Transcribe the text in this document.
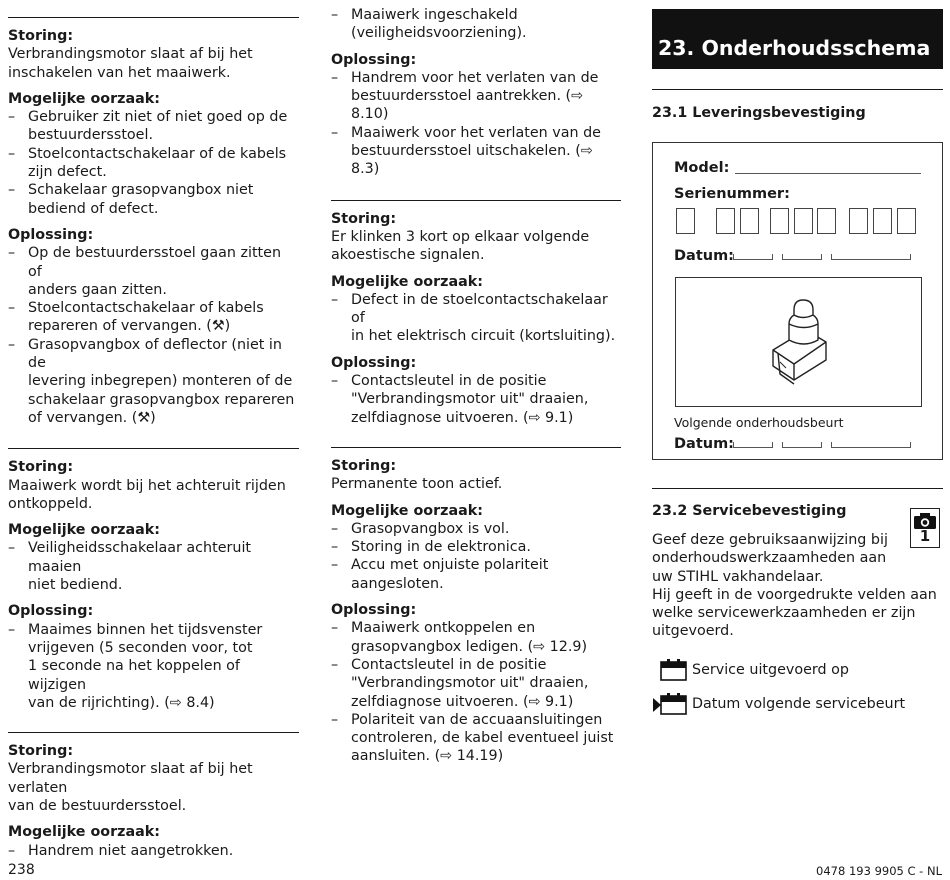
Storing:
Verbrandingsmotor slaat af bij het
inschakelen van het maaiwerk.
Mogelijke oorzaak:
– Gebruiker zit niet of niet goed op de
bestuurdersstoel.
– Stoelcontactschakelaar of de kabels
zijn defect.
– Schakelaar grasopvangbox niet
bediend of defect.
Oplossing:
– Op de bestuurdersstoel gaan zitten of
anders gaan zitten.
– Stoelcontactschakelaar of kabels
repareren of vervangen. (⚒)
– Grasopvangbox of deflector (niet in de
levering inbegrepen) monteren of de
schakelaar grasopvangbox repareren
of vervangen. (⚒)
Storing:
Maaiwerk wordt bij het achteruit rijden
ontkoppeld.
Mogelijke oorzaak:
– Veiligheidsschakelaar achteruit maaien
niet bediend.
Oplossing:
– Maaimes binnen het tijdsvenster
vrijgeven (5 seconden voor, tot
1 seconde na het koppelen of wijzigen
van de rijrichting). (⇨ 8.4)
Storing:
Verbrandingsmotor slaat af bij het verlaten
van de bestuurdersstoel.
Mogelijke oorzaak:
– Handrem niet aangetrokken.
– Maaiwerk ingeschakeld
(veiligheidsvoorziening).
Oplossing:
– Handrem voor het verlaten van de
bestuurdersstoel aantrekken. (⇨ 8.10)
– Maaiwerk voor het verlaten van de
bestuurdersstoel uitschakelen. (⇨ 8.3)
Storing:
Er klinken 3 kort op elkaar volgende
akoestische signalen.
Mogelijke oorzaak:
– Defect in de stoelcontactschakelaar of
in het elektrisch circuit (kortsluiting).
Oplossing:
– Contactsleutel in de positie
"Verbrandingsmotor uit" draaien,
zelfdiagnose uitvoeren. (⇨ 9.1)
Storing:
Permanente toon actief.
Mogelijke oorzaak:
– Grasopvangbox is vol.
– Storing in de elektronica.
– Accu met onjuiste polariteit
aangesloten.
Oplossing:
– Maaiwerk ontkoppelen en
grasopvangbox ledigen. (⇨ 12.9)
– Contactsleutel in de positie
"Verbrandingsmotor uit" draaien,
zelfdiagnose uitvoeren. (⇨ 9.1)
– Polariteit van de accuaansluitingen
controleren, de kabel eventueel juist
aansluiten. (⇨ 14.19)
23. Onderhoudsschema
23.1 Leveringsbevestiging
Model:
Serienummer:
Datum:
Volgende onderhoudsbeurt
Datum:
23.2 Servicebevestiging
1
Geef deze gebruiksaanwijzing bij
onderhoudswerkzaamheden aan
uw STIHL vakhandelaar.
Hij geeft in de voorgedrukte velden aan
welke servicewerkzaamheden er zijn
uitgevoerd.
Service uitgevoerd op
Datum volgende servicebeurt
238	0478 193 9905 C - NL
